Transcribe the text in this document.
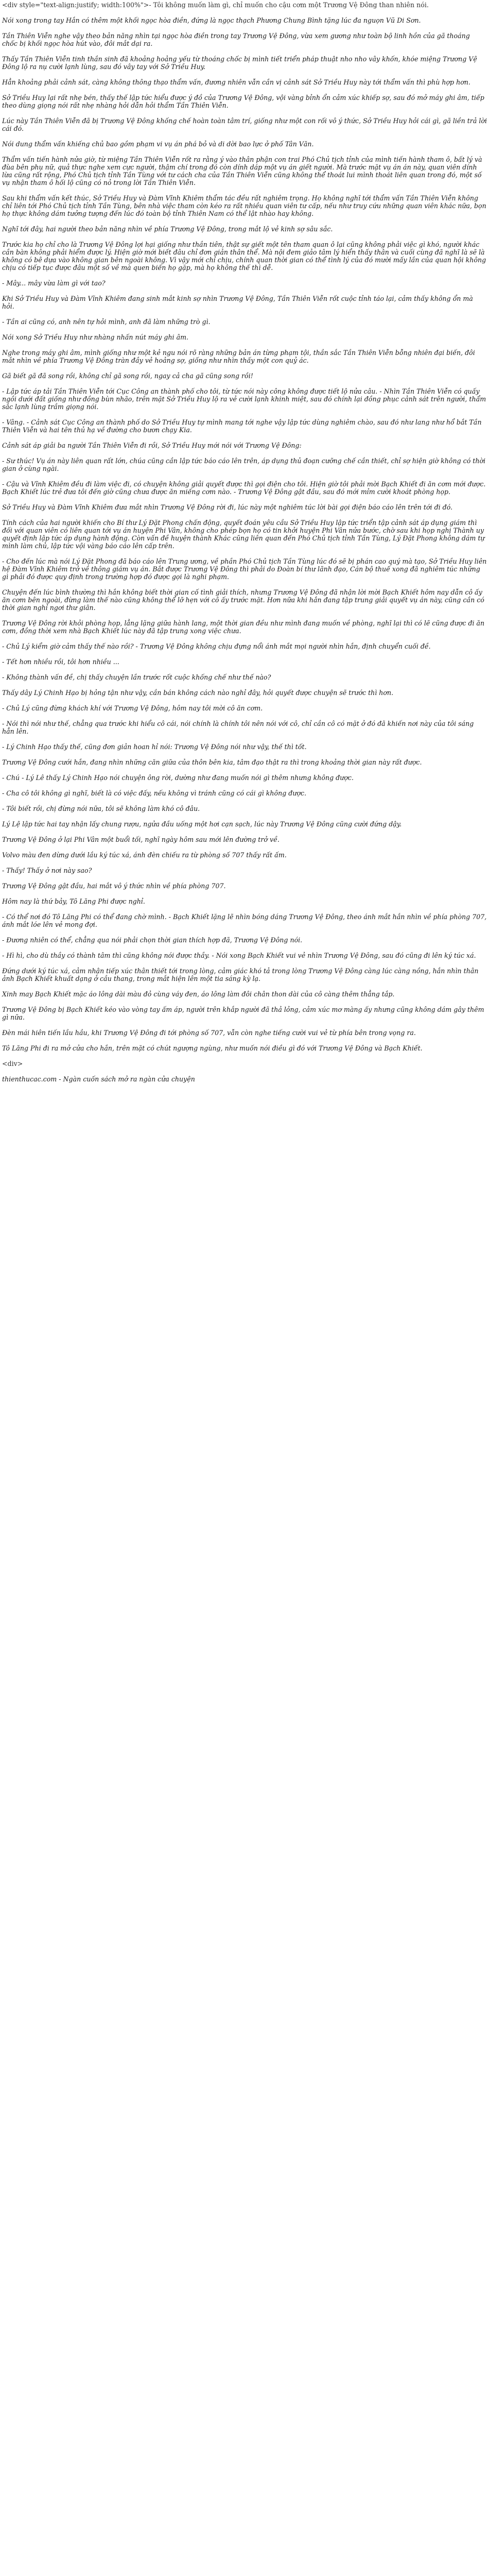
<div style="text-align:justify; width:100%">- Tôi không muốn làm gì, chỉ muốn cho cậu cơm một Trương Vệ Đông than nhiên nói.

Nói xong trong tay Hắn có thêm một khối ngọc hòa điền, đứng là ngọc thạch Phương Chung Bình tặng lúc đa nguọn Vũ Di Sơn.

Tần Thiên Viễn nghe vậy theo bản năng nhìn tại ngọc hòa điền trong tay Trương Vệ Đông, vừa xem gương như toàn bộ linh hồn của gã thoáng chốc bị khối ngọc hòa hút vào, đôi mắt dại ra.

Thấy Tần Thiên Viễn tinh thần sinh đã khoảng hoảng yếu từ thoáng chốc bị mình tiết triển pháp thuật nho nho vây khốn, khóe miệng Trương Vệ Đông lộ ra nụ cười lạnh lùng, sau đó vây tay với Sở Triều Huy.

Hẳn khoảng phải cảnh sát, càng không thông thạo thẩm vấn, đương nhiên vẫn cần vị cảnh sát Sở Triều Huy này tới thẩm vấn thì phù hợp hơn.

Sở Triều Huy lại rất nhẹ bén, thấy thế lập tức hiểu được ý đồ của Trương Vệ Đông, vội vàng bỉnh ổn cảm xúc khiếp sợ, sau đó mở máy ghi âm, tiếp theo dùng giọng nói rất nhẹ nhàng hỏi dẫn hỏi thẩm Tần Thiên Viễn.

Lúc này Tần Thiên Viễn đã bị Trương Vệ Đông khống chế hoàn toàn tâm trí, giống như một con rối vô ý thức, Sở Triều Huy hỏi cái gì, gã liền trả lời cái đó.

Nói dung thẩm vấn khiếng chủ bao gồm phạm vi vụ án phá bỏ và di dời bao lực ở phố Tân Văn.

Thẩm vấn tiến hành nửa giờ, từ miệng Tần Thiên Viễn rốt ra rằng ý vào thân phận con trai Phó Chủ tịch tỉnh của mình tiến hành tham ô, bất lý và đùa bên phụ nữ, quả thực nghe xem cực người, thậm chí trong đó còn dính dáp một vụ án giết người. Mà trước mặt vụ án án này, quan viên dính lừa cũng rất rộng, Phó Chủ tịch tỉnh Tần Tùng với tư cách cha của Tần Thiên Viễn cũng không thể thoát lui mình thoát liên quan trong đó, một số vụ nhận tham ô hối lộ cũng có nỏ trong lời Tần Thiên Viễn.

Sau khi thẩm vấn kết thúc, Sở Triều Huy và Đàm Vĩnh Khiêm thẩm tác đều rất nghiêm trọng. Họ không nghĩ tới thẩm vấn Tần Thiên Viễn không chỉ liên tới Phó Chủ tịch tỉnh Tần Tùng, bên nhà việc tham còn kéo ra rất nhiều quan viên tư cấp, nếu như truy cứu những quan viên khác nữa, bọn họ thực không dám tưởng tượng đến lúc đó toàn bộ tỉnh Thiên Nam có thể lật nhào hay không.

Nghĩ tới đây, hai người theo bản năng nhìn về phía Trương Vệ Đông, trong mắt lộ vẻ kinh sợ sâu sắc.

Trước kia họ chỉ cho là Trương Vệ Đông lợi hại giống như thần tiên, thật sự giết một tên tham quan ô lại cũng không phải việc gì khó, người khác cần bàn không phải hiểm được lý. Hiện giờ mới biết đâu chỉ đơn giản thân thể. Mà nội đem giảo tâm lý hiển thấy thân và cuối cùng đã nghĩ là sẽ là không có bê dựa vào không gian bên ngoài không. Vì vậy mới chỉ chịu, chính quan thời gian có thể tình lý của đó mười mấy lần của quan hội không chịu có tiếp tục được đâu một số về mà quen biến họ gặp, mà họ không thế thì dễ.

- Mây... mây vừa làm gì với tao?

Khi Sở Triều Huy và Đàm Vĩnh Khiêm đang sinh mắt kinh sợ nhìn Trương Vệ Đông, Tần Thiên Viễn rốt cuộc tỉnh táo lại, cảm thấy không ổn mà hỏi.

- Tần ai cũng có, anh nên tự hỏi mình, anh đã làm những trò gì.

Nói xong Sở Triều Huy như nhàng nhấn nút máy ghi âm.

Nghe trong máy ghi âm, mình giống như một kẻ ngu nói rõ ràng những bản án từng phạm tội, thần sắc Tần Thiên Viễn bỗng nhiên đại biến, đôi mắt nhìn về phía Trương Vệ Đông tràn đầy vẻ hoảng sợ, giống như nhìn thấy một con quỷ ác.

Gã biết gã đã song rồi, không chỉ gã song rồi, ngay cả cha gã cũng song rồi!

- Lập tức áp tải Tần Thiên Viễn tới Cục Công an thành phố cho tôi, từ tức nói này công không được tiết lộ nửa câu. - Nhìn Tần Thiên Viễn có quấy ngồi dưới đất giống như đồng bùn nhão, trên mặt Sở Triều Huy lộ ra vẻ cười lạnh khinh miệt, sau đó chính lại đồng phục cảnh sát trên người, thẩm sắc lạnh lùng trầm giọng nói.

- Vâng. - Cảnh sát Cục Công an thành phố do Sở Triều Huy tự mình mang tới nghe vậy lập tức dùng nghiêm chào, sau đó như lang như hổ bắt Tần Thiên Viễn và hai tên thủ hạ về đường cho bươn chạy Kia.

Cảnh sát áp giải ba người Tần Thiên Viễn đi rồi, Sở Triều Huy mới nói với Trương Vệ Đông:

- Sư thúc! Vụ án này liên quan rất lớn, chúa cũng cần lập tức báo cáo lên trên, áp dụng thủ đoạn cưỡng chế cần thiết, chỉ sợ hiện giờ không có thời gian ở cùng ngài.

- Cậu và Vĩnh Khiêm đều đi làm việc đi, có chuyện không giải quyết được thì gọi điện cho tôi. Hiện giờ tôi phải mời Bạch Khiết đi ăn cơm mới được. Bạch Khiết lúc trẻ đưa tôi đến giờ cũng chưa được ăn miếng cơm nào. - Trương Vệ Đông gật đầu, sau đó mới mỉm cười khoát phòng họp.

Sở Triều Huy và Đàm Vĩnh Khiêm đưa mắt nhìn Trương Vệ Đông rời đi, lúc này một nghiêm túc lời bài gọi điện báo cáo lên trên tới đi đó.

Tính cách của hai người khiến cho Bí thư Lý Đặt Phong chấn động, quyết đoán yêu cầu Sở Triều Huy lập tức triển tập cảnh sát áp dụng giám thì đối với quan viên có liên quan tới vụ án huyện Phi Vân, không cho phép bọn họ có tin khởi huyện Phi Vân nửa bước, chờ sau khi họp nghị Thành uy quyết định lập tức áp dụng hành động. Còn vấn đề huyện thành Khác cũng liên quan đến Phó Chủ tịch tỉnh Tần Tùng, Lý Đặt Phong không dám tự mình làm chủ, lập tức vội vàng báo cáo lên cấp trên.

- Cho đến lúc mà nói Lý Đặt Phong đã báo cáo lên Trung ương, về phần Phó Chủ tịch Tần Tùng lúc đó sẽ bị phán cao quý mà tạo, Sở Triều Huy liên hệ Đàm Vĩnh Khiêm trở về thông giám vụ án. Bắt được Trương Vệ Đông thì phải do Đoàn bí thư lãnh đạo, Cán bộ thuế xong đã nghiêm túc những gì phải đó được quy định trong trường hợp đó được gọi là nghi phạm.

Chuyện đến lúc bình thường thì hắn không biết thời gian cố tình giải thích, nhưng Trương Vệ Đông đã nhận lời mời Bạch Khiết hôm nay dẫn cô ấy ăn cơm bên ngoài, đừng làm thế nào cũng không thể lỡ hẹn với cô ấy trước mặt. Hơn nữa khi hắn đang tập trung giải quyết vụ án này, cũng cần có thời gian nghỉ ngơi thư giãn.

Trương Vệ Đông rời khỏi phòng họp, lẳng lặng giữa hành lang, một thời gian đều như mình đang muốn về phòng, nghĩ lại thì có lẽ cũng được đi ăn cơm, đồng thời xem nhà Bạch Khiết lúc này đã tập trung xong việc chưa.

- Chủ Lý kiểm giờ cảm thấy thế nào rồi? - Trương Vệ Đông không chịu đựng nổi ánh mắt mọi người nhìn hắn, định chuyển cuối đề.

- Tết hơn nhiều rồi, tôi hơn nhiều ...

- Không thành vấn đề, chị thấy chuyện lần trước rốt cuộc khống chế như thế nào?

Thấy dây Lý Chinh Hạo bị hỏng tận như vậy, cần bán không cách nào nghỉ đây, hỏi quyết được chuyện sẽ trước thì hơn.

- Chủ Lý cũng đừng khách khí với Trương Vệ Đông, hôm nay tôi mời cô ăn cơm.

- Nói thì nói như thế, chẳng qua trước khi hiểu cô cái, nói chính là chính tôi nên nói với cô, chỉ cần cô có mặt ở đó đã khiến nơi này của tôi sáng hẳn lên.

- Lý Chinh Hạo thấy thế, cũng đơn giản hoan hỉ nói: Trương Vệ Đông nói như vậy, thế thì tốt.

Trương Vệ Đông cưới hắn, đang nhìn những căn giữa của thôn bên kia, tâm đạo thật ra thì trong khoảng thời gian này rất được.

- Chú - Lý Lê thấy Lý Chinh Hạo nói chuyện ông rời, dường như đang muốn nói gì thêm nhưng không được.

- Cha cô tôi không gì nghĩ, biết là có việc đấy, nếu không vì tránh cũng có cái gì không được.

- Tôi biết rồi, chị đừng nói nữa, tôi sẽ không làm khó cô đâu.

Lý Lệ lập tức hai tay nhận lấy chung rượu, ngửa đầu uống một hơi cạn sạch, lúc này Trương Vệ Đông cũng cười đứng dậy.

Trương Vệ Đông ở lại Phi Vân một buổi tối, nghĩ ngày hôm sau mới lên đường trở về.

Volvo màu đen dừng dưới lầu ký túc xá, ánh đèn chiếu ra từ phòng số 707 thấy rất ấm.

- Thấy! Thấy ở nơi này sao?

Trương Vệ Đông gật đầu, hai mắt vô ý thức nhìn về phía phòng 707.

Hôm nay là thứ bảy, Tô Lăng Phi được nghỉ.

- Có thể nơi đó Tô Lăng Phi có thể đang chờ mình. - Bạch Khiết lặng lẽ nhìn bóng dáng Trương Vệ Đông, theo ánh mắt hắn nhìn về phía phòng 707, ánh mắt lóe lên vẻ mong đợi.

- Đương nhiên có thể, chẳng qua nói phải chọn thời gian thích hợp đã, Trương Vệ Đông nói.

- Hì hì, cho dù thầy có thành tâm thì cũng không nói được thầy. - Nói xong Bạch Khiết vui vẻ nhìn Trương Vệ Đông, sau đó cũng đi lên ký túc xá.

Đứng dưới ký túc xá, cảm nhận tiếp xúc thân thiết tới trong lòng, cảm giác khó tả trong lòng Trương Vệ Đông càng lúc càng nồng, hắn nhìn thân ảnh Bạch Khiết khuất dạng ở cầu thang, trong mắt hiện lên một tia sáng kỳ lạ.

Xinh may Bạch Khiết mặc áo lông dài màu đỏ cùng váy đen, áo lông làm đôi chân thon dài của cô càng thêm thẳng tắp.

Trương Vệ Đông bị Bạch Khiết kéo vào vòng tay ấm áp, người trên khắp người đã thả lỏng, cảm xúc mơ màng ấy nhưng cũng không dám gây thêm gì nữa.

Đèn mái hiên tiến lầu hầu, khi Trương Vệ Đông đi tới phòng số 707, vẫn còn nghe tiếng cười vui vẻ từ phía bên trong vọng ra.

Tô Lăng Phi đi ra mở cửa cho hắn, trên mặt có chút ngượng ngùng, như muốn nói điều gì đó với Trương Vệ Đông và Bạch Khiết.

<div>

thienthucac.com - Ngàn cuốn sách mở ra ngàn cửa chuyện
